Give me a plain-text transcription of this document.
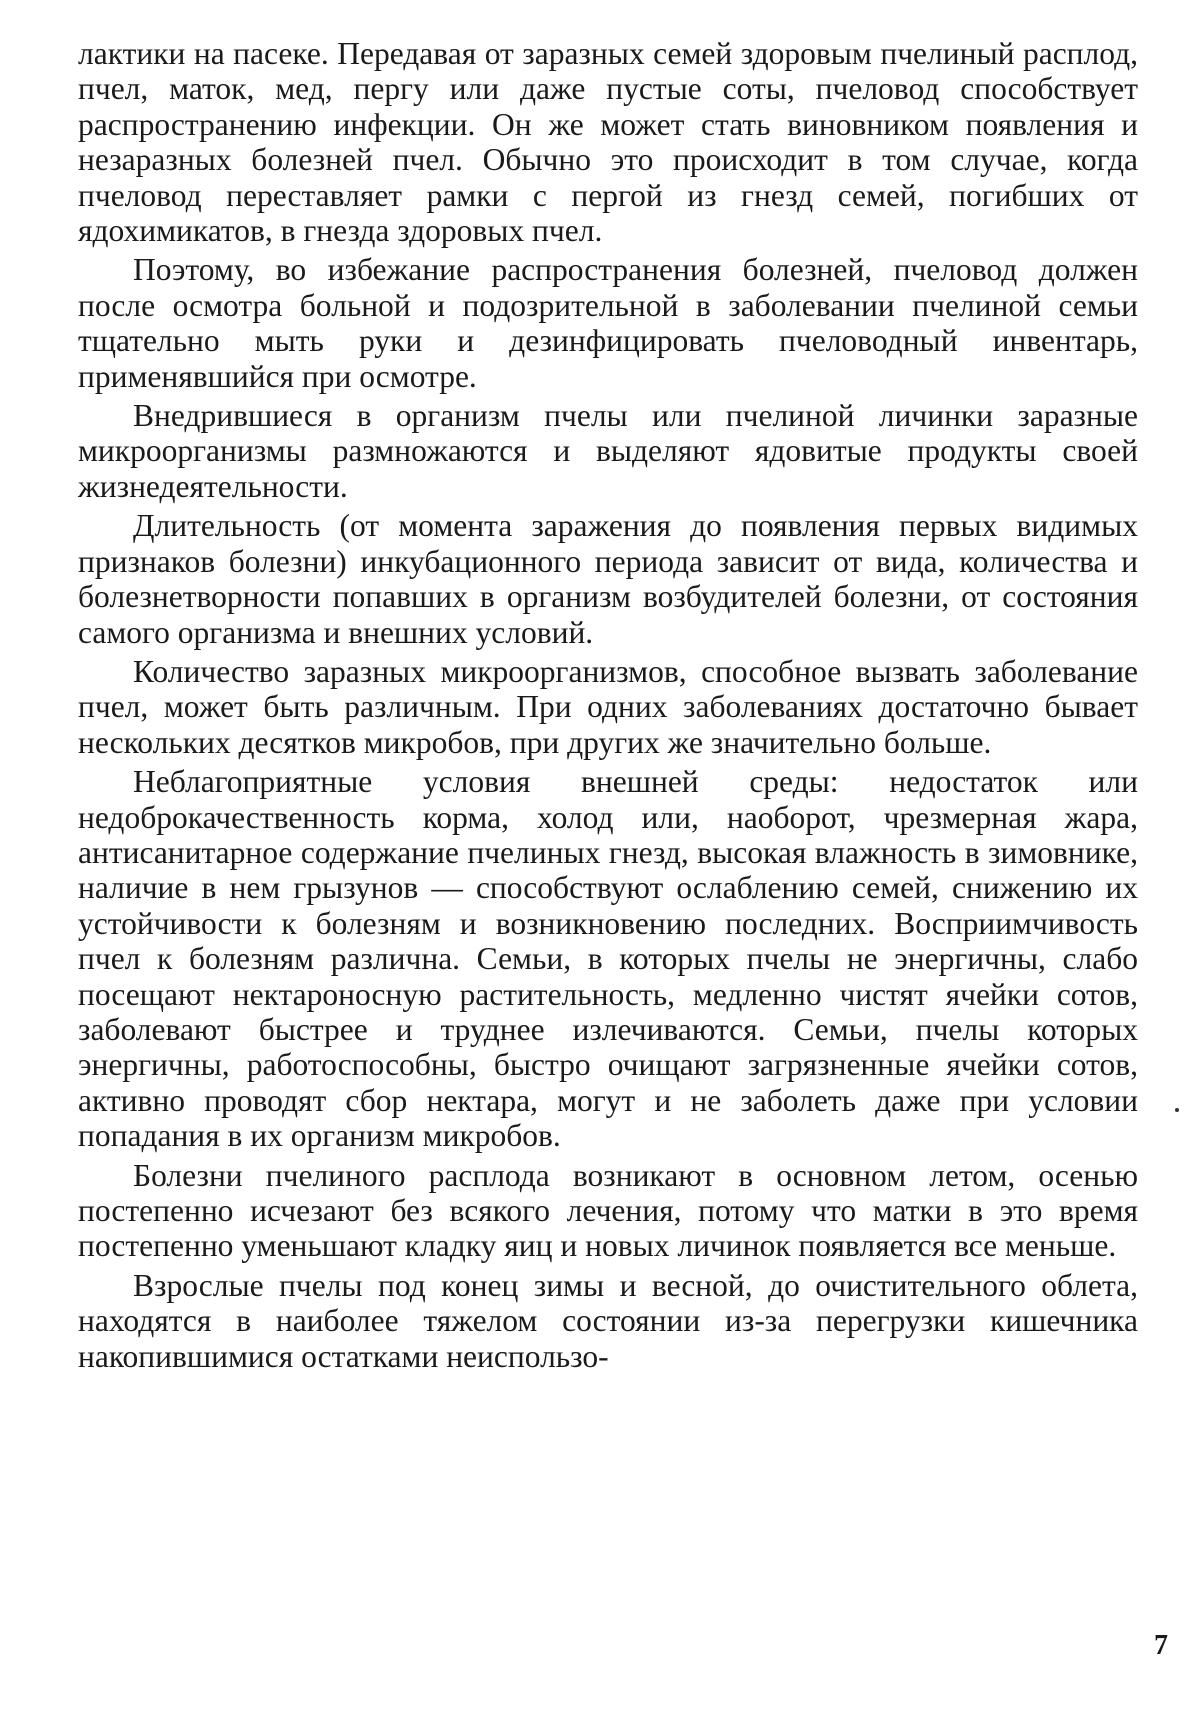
лактики на пасеке. Передавая от заразных семей здоровым пчелиный расплод, пчел, маток, мед, пергу или даже пустые соты, пчеловод способствует распространению инфекции. Он же может стать виновником появления и незаразных болезней пчел. Обычно это происходит в том случае, когда пчеловод переставляет рамки с пергой из гнезд семей, погибших от ядохимикатов, в гнезда здоровых пчел.

Поэтому, во избежание распространения болезней, пчеловод должен после осмотра больной и подозрительной в заболевании пчелиной семьи тщательно мыть руки и дезинфицировать пчеловодный инвентарь, применявшийся при осмотре.

Внедрившиеся в организм пчелы или пчелиной личинки заразные микроорганизмы размножаются и выделяют ядовитые продукты своей жизнедеятельности.

Длительность (от момента заражения до появления первых видимых признаков болезни) инкубационного периода зависит от вида, количества и болезнетворности попавших в организм возбудителей болезни, от состояния самого организма и внешних условий.

Количество заразных микроорганизмов, способное вызвать заболевание пчел, может быть различным. При одних заболеваниях достаточно бывает нескольких десятков микробов, при других же значительно больше.

Неблагоприятные условия внешней среды: недостаток или недоброкачественность корма, холод или, наоборот, чрезмерная жара, антисанитарное содержание пчелиных гнезд, высокая влажность в зимовнике, наличие в нем грызунов — способствуют ослаблению семей, снижению их устойчивости к болезням и возникновению последних. Восприимчивость пчел к болезням различна. Семьи, в которых пчелы не энергичны, слабо посещают нектароносную растительность, медленно чистят ячейки сотов, заболевают быстрее и труднее излечиваются. Семьи, пчелы которых энергичны, работоспособны, быстро очищают загрязненные ячейки сотов, активно проводят сбор нектара, могут и не заболеть даже при условии попадания в их организм микробов.

Болезни пчелиного расплода возникают в основном летом, осенью постепенно исчезают без всякого лечения, потому что матки в это время постепенно уменьшают кладку яиц и новых личинок появляется все меньше.

Взрослые пчелы под конец зимы и весной, до очистительного облета, находятся в наиболее тяжелом состоянии из-за перегрузки кишечника накопившимися остатками неиспользо-

7
